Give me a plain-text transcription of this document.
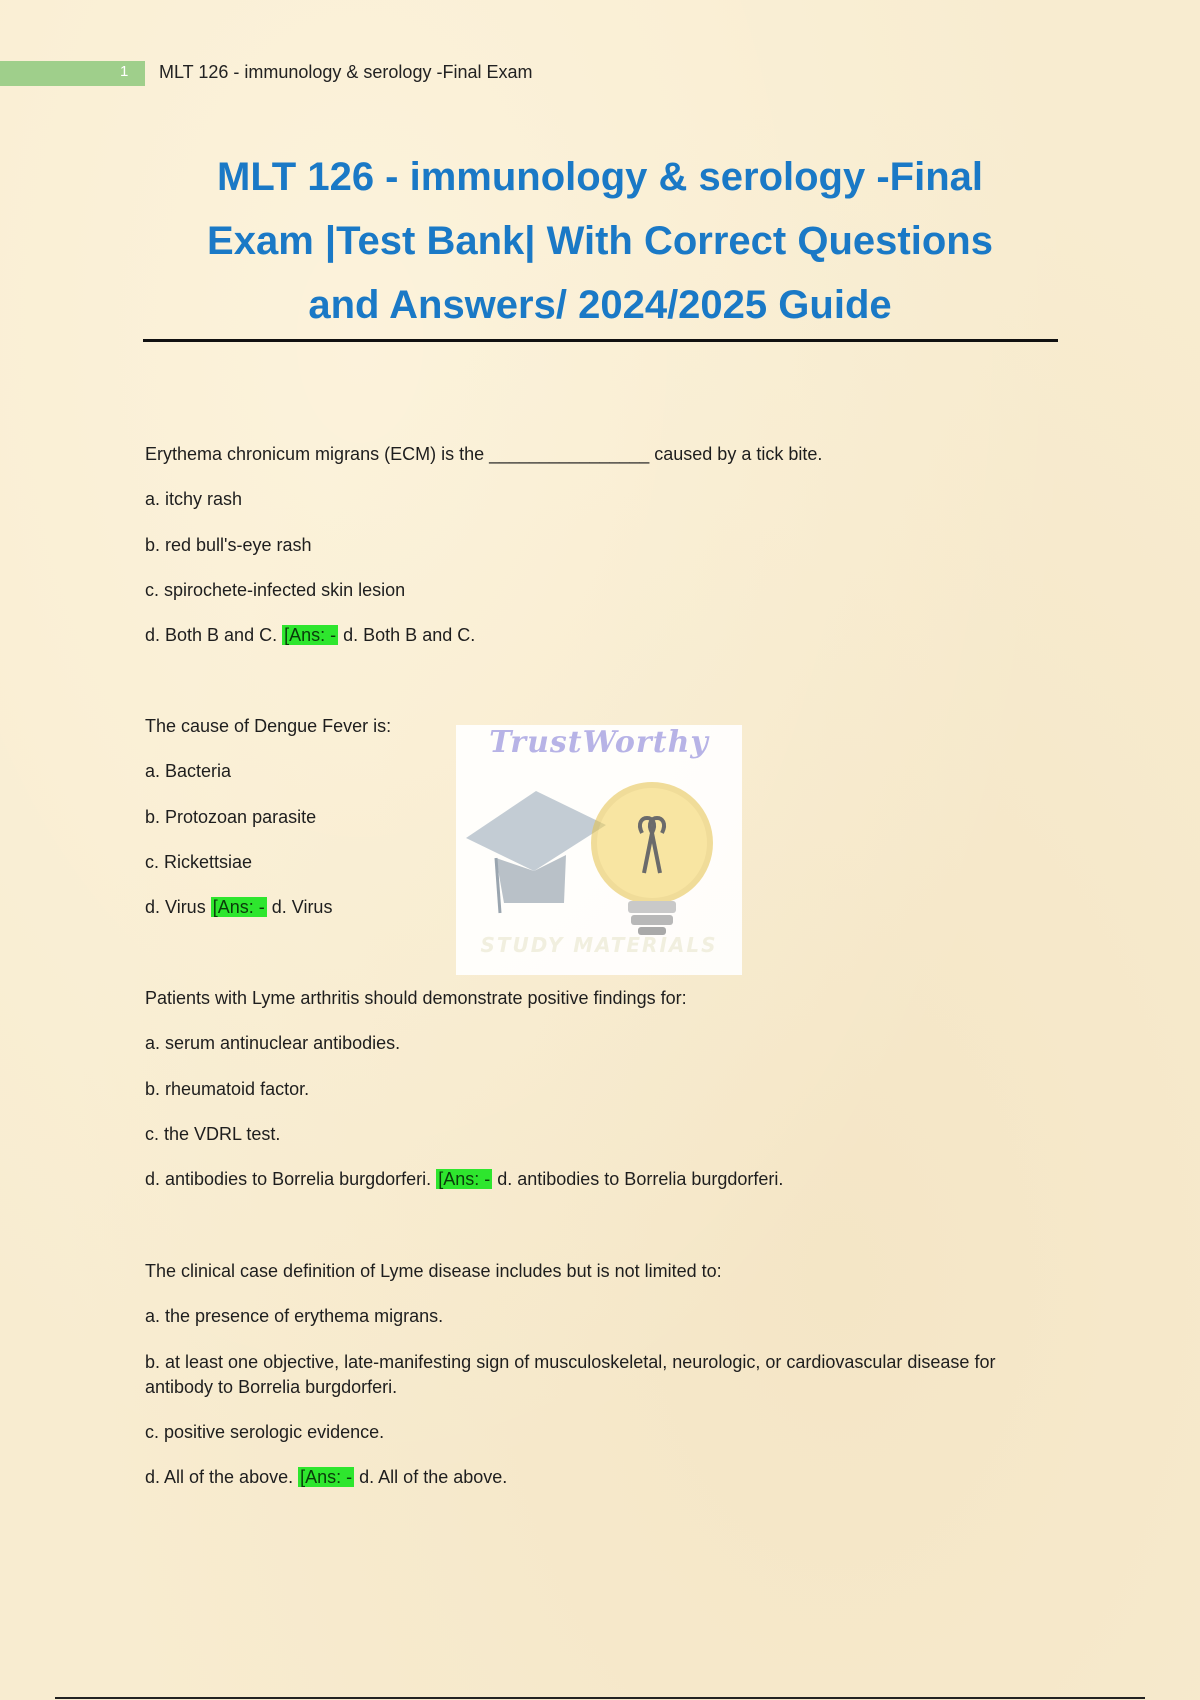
1	MLT 126 - immunology & serology -Final Exam
MLT 126 - immunology & serology -Final
Exam |Test Bank| With Correct Questions
and Answers/ 2024/2025 Guide
TrustWorthy
STUDY MATERIALS

Erythema chronicum migrans (ECM) is the ________________ caused by a tick bite.

a. itchy rash

b. red bull's-eye rash

c. spirochete-infected skin lesion

d. Both B and C. [Ans: - d. Both B and C.

The cause of Dengue Fever is:

a. Bacteria

b. Protozoan parasite

c. Rickettsiae

d. Virus [Ans: - d. Virus

Patients with Lyme arthritis should demonstrate positive findings for:

a. serum antinuclear antibodies.

b. rheumatoid factor.

c. the VDRL test.

d. antibodies to Borrelia burgdorferi. [Ans: - d. antibodies to Borrelia burgdorferi.

The clinical case definition of Lyme disease includes but is not limited to:

a. the presence of erythema migrans.

b. at least one objective, late-manifesting sign of musculoskeletal, neurologic, or cardiovascular disease for antibody to Borrelia burgdorferi.

c. positive serologic evidence.

d. All of the above. [Ans: - d. All of the above.
